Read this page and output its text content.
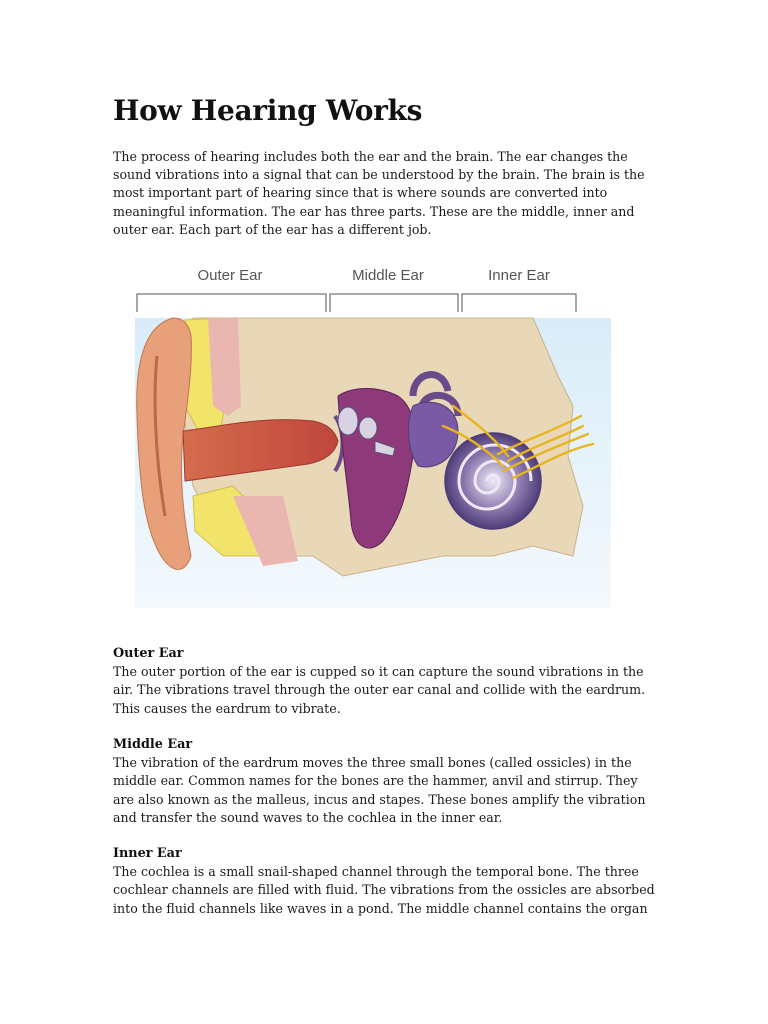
How Hearing Works

The process of hearing includes both the ear and the brain. The ear changes the sound vibrations into a signal that can be understood by the brain. The brain is the most important part of hearing since that is where sounds are converted into meaningful information. The ear has three parts. These are the middle, inner and outer ear. Each part of the ear has a different job.

Outer Ear	Middle Ear	Inner Ear

Outer Ear

The outer portion of the ear is cupped so it can capture the sound vibrations in the air. The vibrations travel through the outer ear canal and collide with the eardrum. This causes the eardrum to vibrate.

Middle Ear

The vibration of the eardrum moves the three small bones (called ossicles) in the middle ear. Common names for the bones are the hammer, anvil and stirrup. They are also known as the malleus, incus and stapes. These bones amplify the vibration and transfer the sound waves to the cochlea in the inner ear.

Inner Ear

The cochlea is a small snail-shaped channel through the temporal bone. The three cochlear channels are filled with fluid. The vibrations from the ossicles are absorbed into the fluid channels like waves in a pond. The middle channel contains the organ
